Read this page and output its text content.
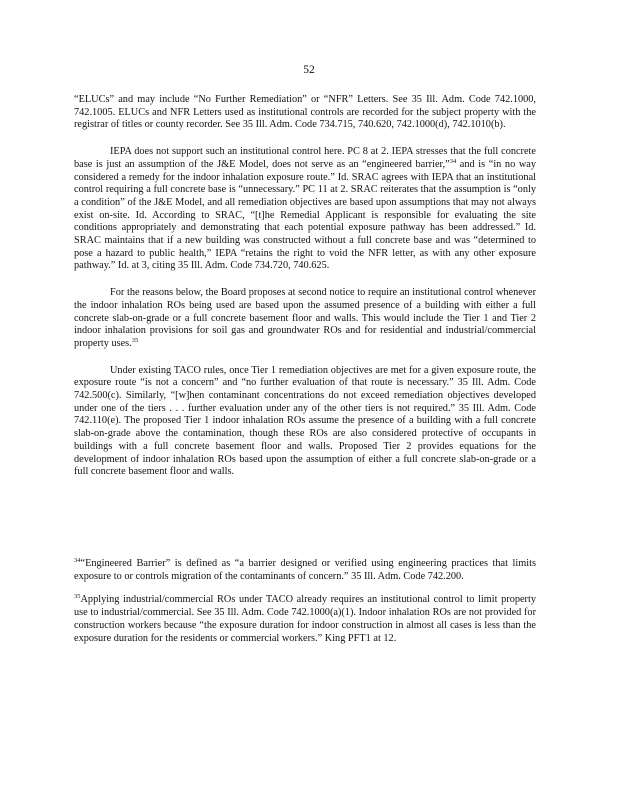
52

“ELUCs” and may include “No Further Remediation” or “NFR” Letters. See 35 Ill. Adm. Code 742.1000, 742.1005. ELUCs and NFR Letters used as institutional controls are recorded for the subject property with the registrar of titles or county recorder. See 35 Ill. Adm. Code 734.715, 740.620, 742.1000(d), 742.1010(b).

IEPA does not support such an institutional control here. PC 8 at 2. IEPA stresses that the full concrete base is just an assumption of the J&E Model, does not serve as an “engineered barrier,”$^{34}$ and is “in no way considered a remedy for the indoor inhalation exposure route.” Id. SRAC agrees with IEPA that an institutional control requiring a full concrete base is “unnecessary.” PC 11 at 2. SRAC reiterates that the assumption is “only a condition” of the J&E Model, and all remediation objectives are based upon assumptions that may not always exist on-site. Id. According to SRAC, “[t]he Remedial Applicant is responsible for evaluating the site conditions appropriately and demonstrating that each potential exposure pathway has been addressed.” Id. SRAC maintains that if a new building was constructed without a full concrete base and was “determined to pose a hazard to public health,” IEPA “retains the right to void the NFR letter, as with any other exposure pathway.” Id. at 3, citing 35 Ill. Adm. Code 734.720, 740.625.

For the reasons below, the Board proposes at second notice to require an institutional control whenever the indoor inhalation ROs being used are based upon the assumed presence of a building with either a full concrete slab-on-grade or a full concrete basement floor and walls. This would include the Tier 1 and Tier 2 indoor inhalation provisions for soil gas and groundwater ROs and for residential and industrial/commercial property uses.$^{35}$

Under existing TACO rules, once Tier 1 remediation objectives are met for a given exposure route, the exposure route “is not a concern” and “no further evaluation of that route is necessary.” 35 Ill. Adm. Code 742.500(c). Similarly, “[w]hen contaminant concentrations do not exceed remediation objectives developed under one of the tiers . . . further evaluation under any of the other tiers is not required.” 35 Ill. Adm. Code 742.110(e). The proposed Tier 1 indoor inhalation ROs assume the presence of a building with a full concrete slab-on-grade above the contamination, though these ROs are also considered protective of occupants in buildings with a full concrete basement floor and walls. Proposed Tier 2 provides equations for the development of indoor inhalation ROs based upon the assumption of either a full concrete slab-on-grade or a full concrete basement floor and walls.

$^{34}$“Engineered Barrier” is defined as “a barrier designed or verified using engineering practices that limits exposure to or controls migration of the contaminants of concern.” 35 Ill. Adm. Code 742.200.

$^{35}$Applying industrial/commercial ROs under TACO already requires an institutional control to limit property use to industrial/commercial. See 35 Ill. Adm. Code 742.1000(a)(1). Indoor inhalation ROs are not provided for construction workers because “the exposure duration for indoor construction in almost all cases is less than the exposure duration for the residents or commercial workers.” King PFT1 at 12.
